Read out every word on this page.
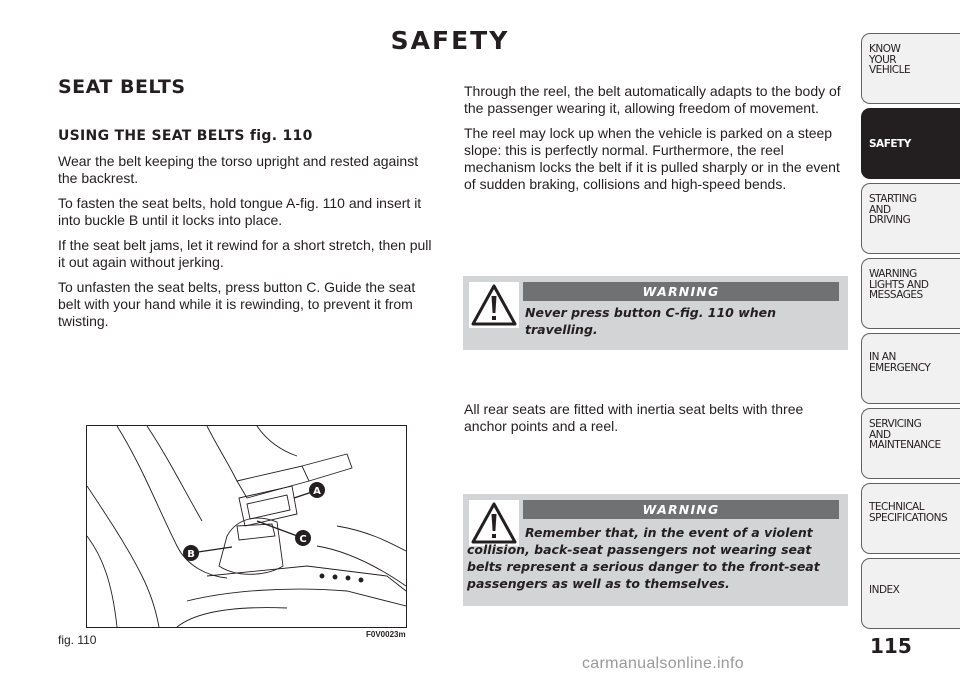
SAFETY
SEAT BELTS
USING THE SEAT BELTS fig. 110

Wear the belt keeping the torso upright and rested against the backrest.

To fasten the seat belts, hold tongue A-fig. 110 and insert it into buckle B until it locks into place.

If the seat belt jams, let it rewind for a short stretch, then pull it out again without jerking.

To unfasten the seat belts, press button C. Guide the seat belt with your hand while it is rewinding, to prevent it from twisting.

A
B
C
fig. 110	F0V0023m

Through the reel, the belt automatically adapts to the body of the passenger wearing it, allowing freedom of movement.

The reel may lock up when the vehicle is parked on a steep slope: this is perfectly normal. Furthermore, the reel mechanism locks the belt if it is pulled sharply or in the event of sudden braking, collisions and high-speed bends.

WARNING

Never press button C-fig. 110 when travelling.

All rear seats are fitted with inertia seat belts with three anchor points and a reel.

WARNING

Remember that, in the event of a violent collision, back-seat passengers not wearing seat belts represent a serious danger to the front-seat passengers as well as to themselves.

KNOW
YOUR
VEHICLE
SAFETY
STARTING
AND
DRIVING
WARNING
LIGHTS AND
MESSAGES
IN AN
EMERGENCY
SERVICING
AND
MAINTENANCE
TECHNICAL
SPECIFICATIONS
INDEX
115
carmanualsonline.info
